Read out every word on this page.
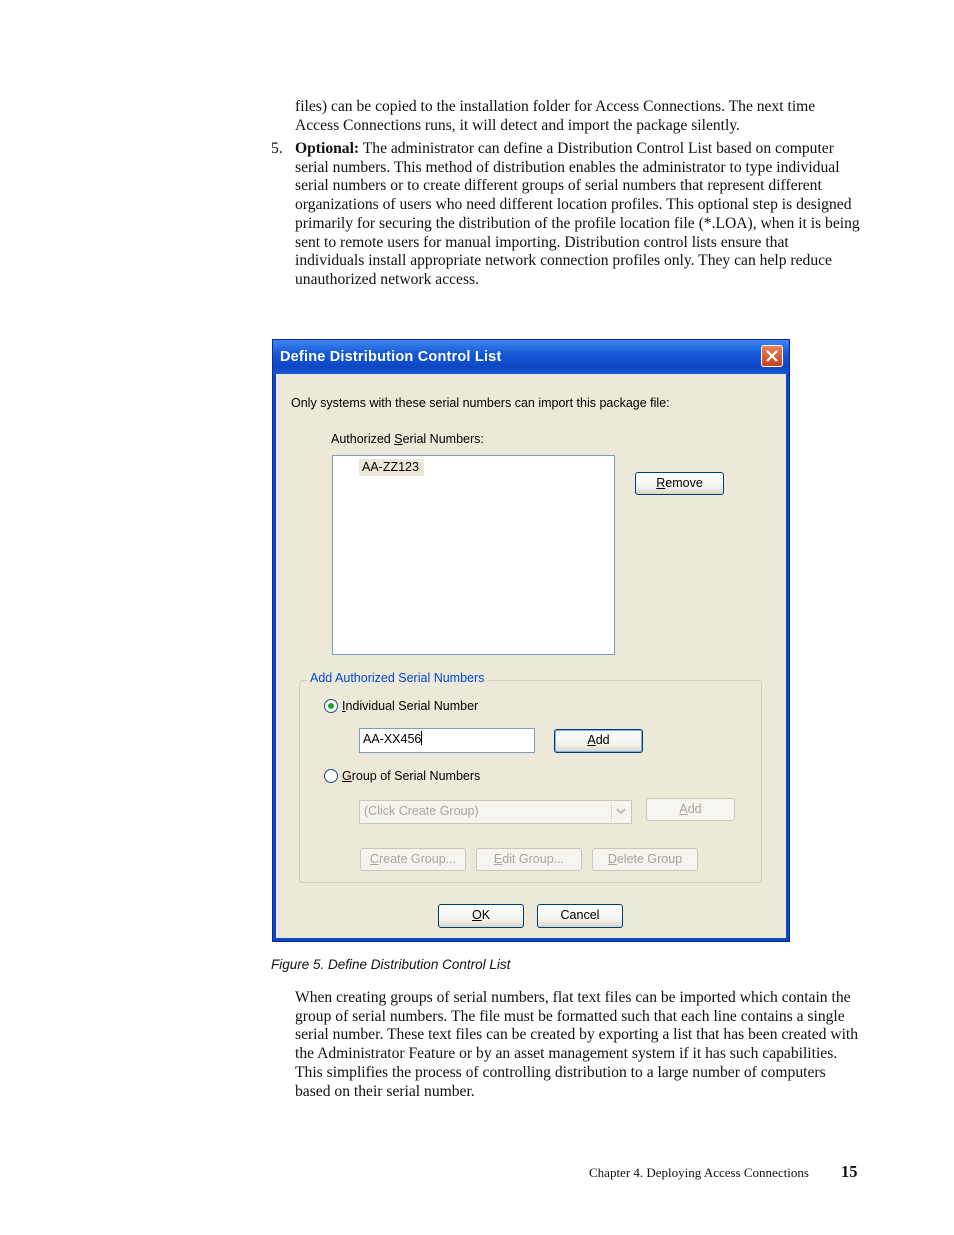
files) can be copied to the installation folder for Access Connections. The next time Access Connections runs, it will detect and import the package silently.
5. Optional: The administrator can define a Distribution Control List based on computer serial numbers. This method of distribution enables the administrator to type individual serial numbers or to create different groups of serial numbers that represent different organizations of users who need different location profiles. This optional step is designed primarily for securing the distribution of the profile location file (*.LOA), when it is being sent to remote users for manual importing. Distribution control lists ensure that individuals install appropriate network connection profiles only. They can help reduce unauthorized network access.
Define Distribution Control List
Only systems with these serial numbers can import this package file:
Authorized Serial Numbers:
AA-ZZ123
Remove
Add Authorized Serial Numbers
Individual Serial Number
AA-XX456	Add
Group of Serial Numbers
(Click Create Group)	Add
Create Group...	Edit Group...	Delete Group
OK	Cancel
Figure 5. Define Distribution Control List
When creating groups of serial numbers, flat text files can be imported which contain the group of serial numbers. The file must be formatted such that each line contains a single serial number. These text files can be created by exporting a list that has been created with the Administrator Feature or by an asset management system if it has such capabilities. This simplifies the process of controlling distribution to a large number of computers based on their serial number.
Chapter 4. Deploying Access Connections 15
